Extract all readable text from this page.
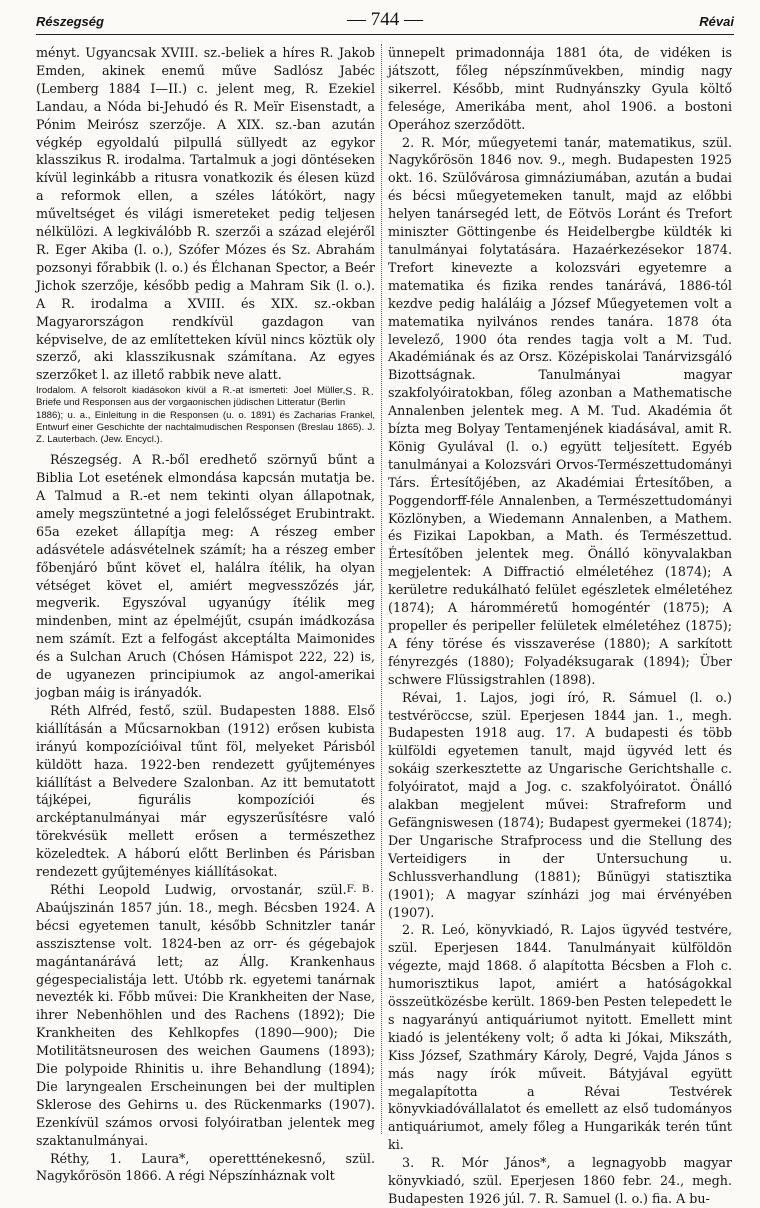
Részegség	— 744 —	Révai

ményt. Ugyancsak XVIII. sz.-beliek a híres R. Jakob Emden, akinek enemű műve Sadlósz Jabéc (Lemberg 1884 I—II.) c. jelent meg, R. Ezekiel Landau, a Nóda bi-Jehudó és R. Meïr Eisenstadt, a Pónim Meirósz szerzője. A XIX. sz.-ban azután végkép egyoldalú pilpullá süllyedt az egykor klasszikus R. irodalma. Tartalmuk a jogi döntéseken kívül leginkább a ritusra vonatkozik és élesen küzd a reformok ellen, a széles látókört, nagy műveltséget és világi ismereteket pedig teljesen nélkülözi. A legkiválóbb R. szerzői a század elejéről R. Eger Akiba (l. o.), Szófer Mózes és Sz. Abrahám pozsonyi főrabbik (l. o.) és Élchanan Spector, a Beér Jichok szerzője, később pedig a Mahram Sik (l. o.). A R. irodalma a XVIII. és XIX. sz.-okban Magyarországon rendkívül gazdagon van képviselve, de az említetteken kívül nincs köztük oly szerző, aki klasszikusnak számítana. Az egyes szerzőket l. az illető rabbik neve alatt.

S. R.

Irodalom. A felsorolt kiadásokon kívül a R.-at ismerteti: Joel Müller, Briefe und Responsen aus der vorgaonischen jüdischen Litteratur (Berlin 1886); u. a., Einleitung in die Responsen (u. o. 1891) és Zacharias Frankel, Entwurf einer Geschichte der nachtalmudischen Responsen (Breslau 1865). J. Z. Lauterbach. (Jew. Encycl.).

Részegség. A R.-ből eredhető szörnyű bűnt a Biblia Lot esetének elmondása kapcsán mutatja be. A Talmud a R.-et nem tekinti olyan állapotnak, amely megszüntetné a jogi felelősséget Erubintrakt. 65a ezeket állapítja meg: A részeg ember adásvétele adásvételnek számít; ha a részeg ember főbenjáró bűnt követ el, halálra ítélik, ha olyan vétséget követ el, amiért megvesszőzés jár, megverik. Egyszóval ugyanúgy ítélik meg mindenben, mint az épelméjűt, csupán imádkozása nem számít. Ezt a felfogást akceptálta Maimonides és a Sulchan Aruch (Chósen Hámispot 222, 22) is, de ugyanezen principiumok az angol-amerikai jogban máig is irányadók.

Réth Alfréd, festő, szül. Budapesten 1888. Első kiállításán a Műcsarnokban (1912) erősen kubista irányú kompozícióival tűnt föl, melyeket Párisból küldött haza. 1922-ben rendezett gyűjteményes kiállítást a Belvedere Szalonban. Az itt bemutatott tájképei, figurális kompozíciói és arcképtanulmányai már egyszerűsítésre való törekvésük mellett erősen a természethez közeledtek. A háború előtt Berlinben és Párisban rendezett gyűjteményes kiállításokat.

F. B.

Réthi Leopold Ludwig, orvostanár, szül. Abaújszinán 1857 jún. 18., megh. Bécsben 1924. A bécsi egyetemen tanult, később Schnitzler tanár asszisztense volt. 1824-ben az orr- és gégebajok magántanárává lett; az Állg. Krankenhaus gégespecialistája lett. Utóbb rk. egyetemi tanárnak nevezték ki. Főbb művei: Die Krankheiten der Nase, ihrer Nebenhöhlen und des Rachens (1892); Die Krankheiten des Kehlkopfes (1890—900); Die Motilitätsneurosen des weichen Gaumens (1893); Die polypoide Rhinitis u. ihre Behandlung (1894); Die laryngealen Erscheinungen bei der multiplen Sklerose des Gehirns u. des Rückenmarks (1907). Ezenkívül számos orvosi folyóiratban jelentek meg szaktanulmányai.

Réthy, 1. Laura*, operettténekesnő, szül. Nagykőrösön 1866. A régi Népszínháznak volt

ünnepelt primadonnája 1881 óta, de vidéken is játszott, főleg népszínművekben, mindig nagy sikerrel. Később, mint Rudnyánszky Gyula költő felesége, Amerikába ment, ahol 1906. a bostoni Operához szerződött.

2. R. Mór, műegyetemi tanár, matematikus, szül. Nagykőrösön 1846 nov. 9., megh. Budapesten 1925 okt. 16. Szülővárosa gimnáziumában, azután a budai és bécsi műegyetemeken tanult, majd az előbbi helyen tanársegéd lett, de Eötvös Loránt és Trefort miniszter Göttingenbe és Heidelbergbe küldték ki tanulmányai folytatására. Hazaérkezésekor 1874. Trefort kinevezte a kolozsvári egyetemre a matematika és fizika rendes tanárává, 1886-tól kezdve pedig haláláig a József Műegyetemen volt a matematika nyilvános rendes tanára. 1878 óta levelező, 1900 óta rendes tagja volt a M. Tud. Akadémiának és az Orsz. Középiskolai Tanárvizsgáló Bizottságnak. Tanulmányai magyar szakfolyóiratokban, főleg azonban a Mathematische Annalenben jelentek meg. A M. Tud. Akadémia őt bízta meg Bolyay Tentamenjének kiadásával, amit R. König Gyulával (l. o.) együtt teljesített. Egyéb tanulmányai a Kolozsvári Orvos-Természettudományi Társ. Értesítőjében, az Akadémiai Értesítőben, a Poggendorff-féle Annalenben, a Természettudományi Közlönyben, a Wiedemann Annalenben, a Mathem. és Fizikai Lapokban, a Math. és Természettud. Értesítőben jelentek meg. Önálló könyvalakban megjelentek: A Diffractió elméletéhez (1874); A kerületre redukálható felület egészletek elméletéhez (1874); A háromméretű homogéntér (1875); A propeller és peripeller felületek elméletéhez (1875); A fény törése és visszaverése (1880); A sarkított fényrezgés (1880); Folyadéksugarak (1894); Über schwere Flüssigstrahlen (1898).

Révai, 1. Lajos, jogi író, R. Sámuel (l. o.) testvéröccse, szül. Eperjesen 1844 jan. 1., megh. Budapesten 1918 aug. 17. A budapesti és több külföldi egyetemen tanult, majd ügyvéd lett és sokáig szerkesztette az Ungarische Gerichtshalle c. folyóiratot, majd a Jog. c. szakfolyóiratot. Önálló alakban megjelent művei: Strafreform und Gefängniswesen (1874); Budapest gyermekei (1874); Der Ungarische Strafprocess und die Stellung des Verteidigers in der Untersuchung u. Schlussverhandlung (1881); Bűnügyi statisztika (1901); A magyar színházi jog mai érvényében (1907).

2. R. Leó, könyvkiadó, R. Lajos ügyvéd testvére, szül. Eperjesen 1844. Tanulmányait külföldön végezte, majd 1868. ő alapította Bécsben a Floh c. humorisztikus lapot, amiért a hatóságokkal összeütközésbe került. 1869-ben Pesten telepedett le s nagyarányú antiquáriumot nyitott. Emellett mint kiadó is jelentékeny volt; ő adta ki Jókai, Mikszáth, Kiss József, Szathmáry Károly, Degré, Vajda János s más nagy írók műveit. Bátyjával együtt megalapította a Révai Testvérek könyvkiadóvállalatot és emellett az első tudományos antiquáriumot, amely főleg a Hungarikák terén tűnt ki.

3. R. Mór János*, a legnagyobb magyar könyvkiadó, szül. Eperjesen 1860 febr. 24., megh. Budapesten 1926 júl. 7. R. Samuel (l. o.) fia. A bu-
